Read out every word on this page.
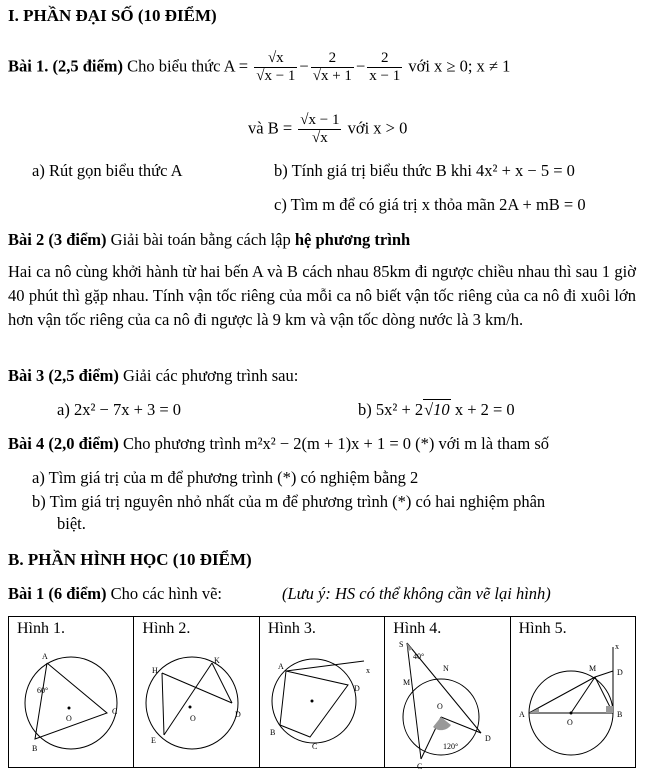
I. PHẦN ĐẠI SỐ (10 ĐIỂM)
Bài 1. (2,5 điểm) Cho biểu thức $A = \frac{√x}{√x - 1} - \frac{2}{√x + 1} - \frac{2}{x - 1}$ với x ≥ 0; x ≠ 1
và $B = \frac{√x - 1}{√x}$ với x > 0
a) Rút gọn biểu thức A	b) Tính giá trị biểu thức B khi 4x² + x − 5 = 0
c) Tìm m để có giá trị x thỏa mãn 2A + mB = 0
Bài 2 (3 điểm) Giải bài toán bằng cách lập hệ phương trình
Hai ca nô cùng khởi hành từ hai bến A và B cách nhau 85km đi ngược chiều nhau thì sau 1 giờ 40 phút thì gặp nhau. Tính vận tốc riêng của mỗi ca nô biết vận tốc riêng của ca nô đi xuôi lớn hơn vận tốc riêng của ca nô đi ngược là 9 km và vận tốc dòng nước là 3 km/h.
Bài 3 (2,5 điểm) Giải các phương trình sau:
a) 2x² − 7x + 3 = 0	b) 5x² + 2√10 x + 2 = 0
Bài 4 (2,0 điểm) Cho phương trình m²x² − 2(m + 1)x + 1 = 0 (*) với m là tham số
a) Tìm giá trị của m để phương trình (*) có nghiệm bằng 2
b) Tìm giá trị nguyên nhỏ nhất của m để phương trình (*) có hai nghiệm phân
biệt.
B. PHẦN HÌNH HỌC (10 ĐIỂM)
Bài 1 (6 điểm) Cho các hình vẽ:	(Lưu ý: HS có thể không cần vẽ lại hình)
Hình 1.
A
60°
C
O
B
Hình 2.
H
K
D
E
O
Hình 3.
A	x
D
B
C
Hình 4.
S
40°
N
M
O
D
120°
C
Hình 5.
x
M	D
A
O
B
